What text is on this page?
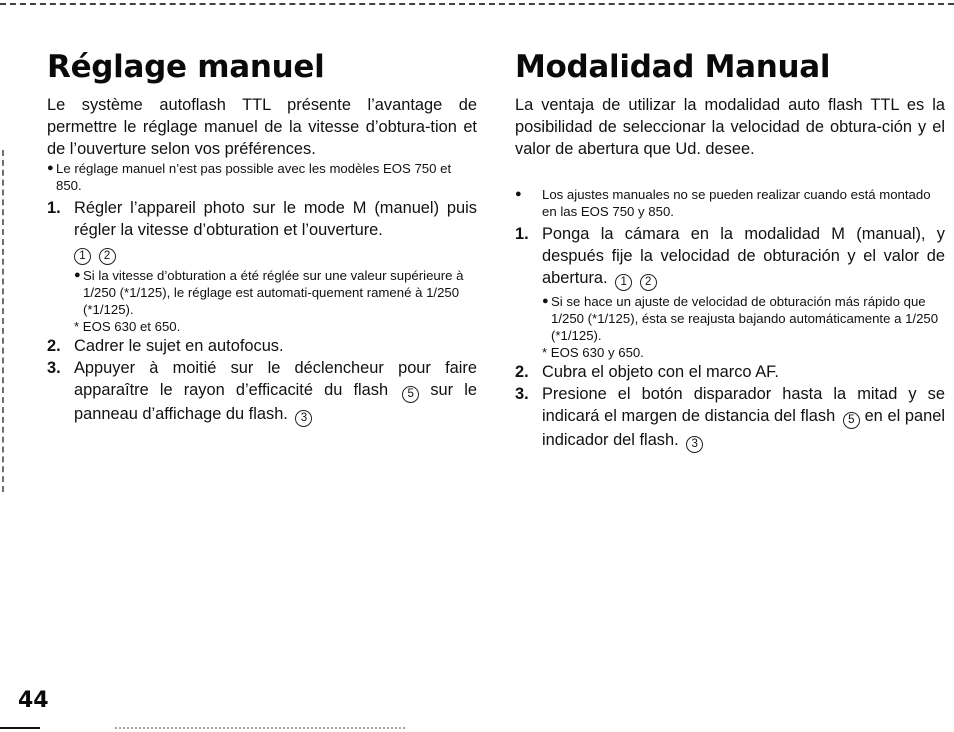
Réglage manuel

Le système autoflash TTL présente l’avantage de permettre le réglage manuel de la vitesse d’obtura-tion et de l’ouverture selon vos préférences.

● Le réglage manuel n’est pas possible avec les modèles EOS 750 et 850.

1. Régler l’appareil photo sur le mode M (manuel) puis régler la vitesse d’obturation et l’ouverture.
1 2
● Si la vitesse d’obturation a été réglée sur une valeur supérieure à 1/250 (*1/125), le réglage est automati-quement ramené à 1/250 (*1/125).

* EOS 630 et 650.

2. Cadrer le sujet en autofocus.
3. Appuyer à moitié sur le déclencheur pour faire apparaître le rayon d’efficacité du flash 5 sur le panneau d’affichage du flash. 3
Modalidad Manual

La ventaja de utilizar la modalidad auto flash TTL es la posibilidad de seleccionar la velocidad de obtura-ción y el valor de abertura que Ud. desee.

●	Los ajustes manuales no se pueden realizar cuando está montado en las EOS 750 y 850.

1. Ponga la cámara en la modalidad M (manual), y después fije la velocidad de obturación y el valor de abertura. 1 2
● Si se hace un ajuste de velocidad de obturación más rápido que 1/250 (*1/125), ésta se reajusta bajando automáticamente a 1/250 (*1/125).

* EOS 630 y 650.

2. Cubra el objeto con el marco AF.
3. Presione el botón disparador hasta la mitad y se indicará el margen de distancia del flash 5 en el panel indicador del flash. 3
44
